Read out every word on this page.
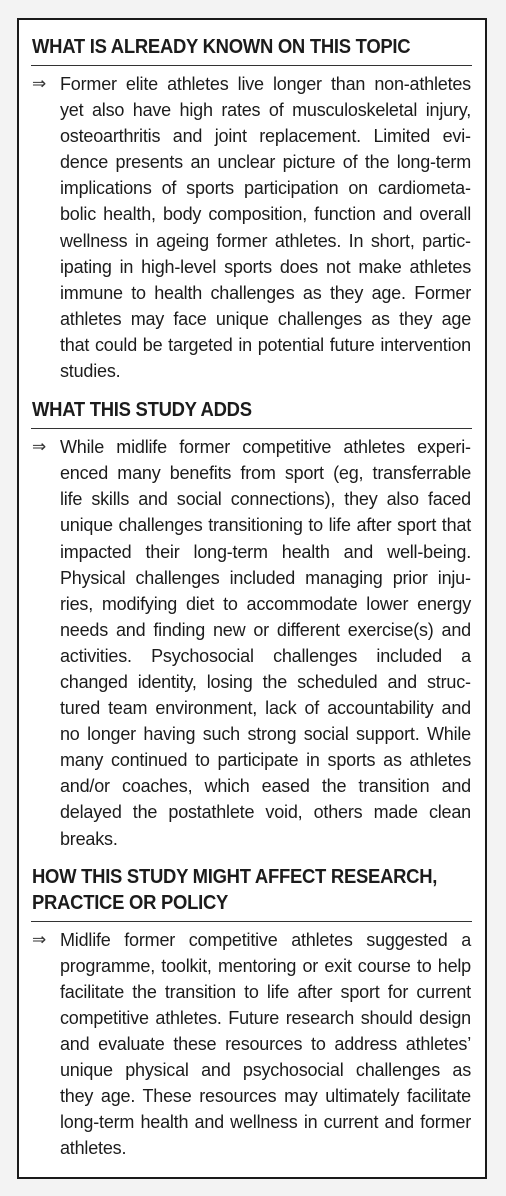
WHAT IS ALREADY KNOWN ON THIS TOPIC
⇒ Former elite athletes live longer than non-athletes yet also have high rates of musculoskeletal injury, osteoarthritis and joint replacement. Limited evidence presents an unclear picture of the long-term implications of sports participation on cardiometabolic health, body composition, function and overall wellness in ageing former athletes. In short, participating in high-level sports does not make athletes immune to health challenges as they age. Former athletes may face unique challenges as they age that could be targeted in potential future intervention studies.
WHAT THIS STUDY ADDS
⇒ While midlife former competitive athletes experienced many benefits from sport (eg, transferrable life skills and social connections), they also faced unique challenges transitioning to life after sport that impacted their long-term health and well-being. Physical challenges included managing prior injuries, modifying diet to accommodate lower energy needs and finding new or different exercise(s) and activities. Psychosocial challenges included a changed identity, losing the scheduled and structured team environment, lack of accountability and no longer having such strong social support. While many continued to participate in sports as athletes and/or coaches, which eased the transition and delayed the postathlete void, others made clean breaks.
HOW THIS STUDY MIGHT AFFECT RESEARCH, PRACTICE OR POLICY
⇒ Midlife former competitive athletes suggested a programme, toolkit, mentoring or exit course to help facilitate the transition to life after sport for current competitive athletes. Future research should design and evaluate these resources to address athletes’ unique physical and psychosocial challenges as they age. These resources may ultimately facilitate long-term health and wellness in current and former athletes.
